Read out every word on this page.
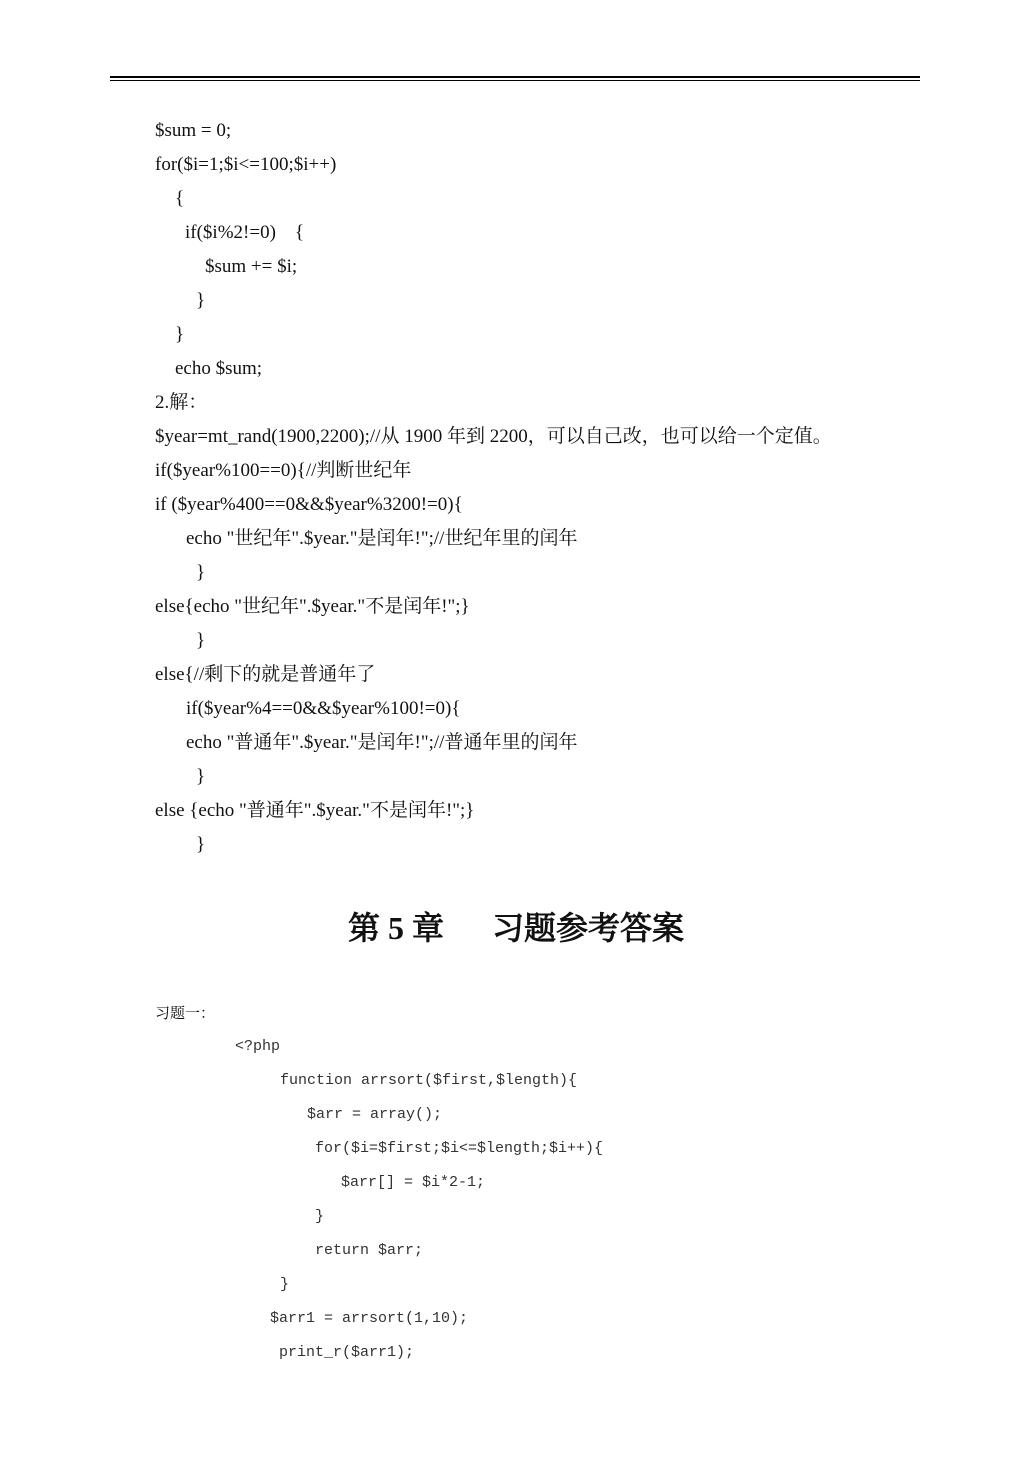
$sum = 0;
for($i=1;$i<=100;$i++)
{
if($i%2!=0)    {
$sum += $i;
}
}
echo $sum;
2.解：
$year=mt_rand(1900,2200);//从 1900 年到 2200，可以自己改，也可以给一个定值。
if($year%100==0){//判断世纪年
if ($year%400==0&&$year%3200!=0){
echo "世纪年".$year."是闰年!";//世纪年里的闰年
}
else{echo "世纪年".$year."不是闰年!";}
}
else{//剩下的就是普通年了
if($year%4==0&&$year%100!=0){
echo "普通年".$year."是闰年!";//普通年里的闰年
}
else {echo "普通年".$year."不是闰年!";}
}
第 5 章      习题参考答案
习题一：
<?php
function arrsort($first,$length){
$arr = array();
for($i=$first;$i<=$length;$i++){
$arr[] = $i*2-1;
}
return $arr;
}
$arr1 = arrsort(1,10);
print_r($arr1);
